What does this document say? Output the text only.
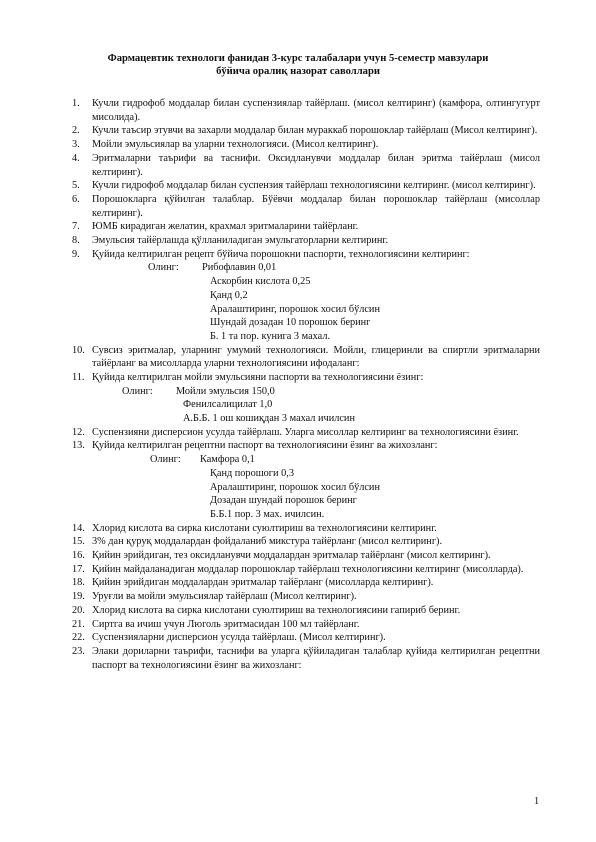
Фармацевтик технологи фанидан 3-курс талабалари учун 5-семестр мавзулари
бўйича оралиқ назорат саволлари
1.	Кучли гидрофоб моддалар билан суспензиялар тайёрлаш. (мисол келтиринг) (камфора, олтингугурт мисолида).
2.	Кучли таъсир этувчи ва захарли моддалар билан мураккаб порошоклар тайёрлаш (Мисол келтиринг).
3.	Мойли эмульсиялар ва уларни технологияси. (Мисол келтиринг).
4.	Эритмаларни таърифи ва таснифи. Оксидланувчи моддалар билан эритма тайёрлаш (мисол келтиринг).
5.	Кучли гидрофоб моддалар билан суспензия тайёрлаш технологиясини келтиринг. (мисол келтиринг).
6.	Порошокларга қўйилган талаблар. Бўёвчи моддалар билан порошоклар тайёрлаш (мисоллар келтиринг).
7.	ЮМБ кирадиган желатин, крахмал эритмаларини тайёрланг.
8.	Эмульсия тайёрлашда қўлланиладиган эмульгаторларни келтиринг.
9.	Қуйида келтирилган рецепт бўйича порошокни паспорти, технологиясини келтиринг:
Олинг: Рибофлавин 0,01
Аскорбин кислота 0,25
Қанд 0,2
Аралаштиринг, порошок хосил бўлсин
Шундай дозадан 10 порошок беринг
Б. 1 та пор. кунига 3 махал.
10. Сувсиз эритмалар, уларнинг умумий технологияси. Мойли, глицеринли ва спиртли эритмаларни тайёрланг ва мисолларда уларни технологиясини ифодаланг:
11. Қуйида келтирилган мойли эмульсияни паспорти ва технологиясини ёзинг:
Олинг: Мойли эмульсия 150,0
Фенилсалицилат 1,0
А.Б.Б. 1 ош кошиқдан 3 махал ичилсин
12. Суспензияни дисперсион усулда тайёрлаш. Уларга мисоллар келтиринг ва технологиясини ёзинг.
13. Қуйида келтирилган рецептни паспорт ва технологиясини ёзинг ва жихозланг:
Олинг: Камфора 0,1
Қанд порошоги 0,3
Аралаштиринг, порошок хосил бўлсин
Дозадан шундай порошок беринг
Б.Б.1 пор. 3 мах. ичилсин.
14. Хлорид кислота ва сирка кислотани суюлтириш ва технологиясини келтиринг.
15. 3% дан қуруқ моддалардан фойдаланиб микстура тайёрланг (мисол келтиринг).
16. Қийин эрийдиган, тез оксидланувчи моддалардан эритмалар тайёрланг (мисол келтиринг).
17. Қийин майдаланадиган моддалар порошоклар тайёрлаш технологиясини келтиринг (мисолларда).
18. Қийин эрийдиган моддалардан эритмалар тайёрланг (мисолларда келтиринг).
19. Уруғли ва мойли эмульсиялар тайёрлаш (Мисол келтиринг).
20. Хлорид кислота ва сирка кислотани суюлтириш ва технологиясини гапириб беринг.
21. Сиртга ва ичиш учун Люголь эритмасидан 100 мл тайёрланг.
22. Суспензияларни дисперсион усулда тайёрлаш. (Мисол келтиринг).
23. Элаки дориларни таърифи, таснифи ва уларга қўйиладиган талаблар қуйида келтирилган рецептни паспорт ва технологиясини ёзинг ва жихозланг:
1
